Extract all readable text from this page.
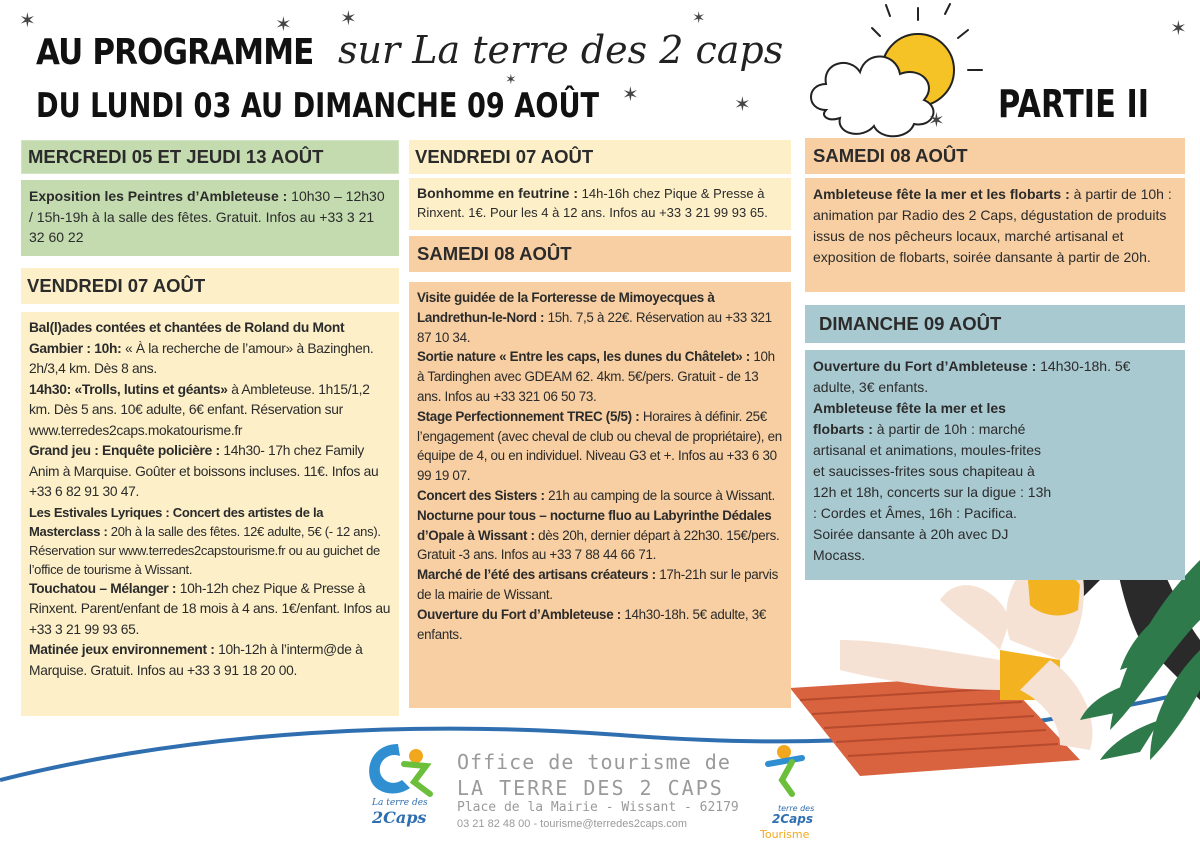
✶	✶ ✶
✶
✶
✶
✶
✶
✶
AU PROGRAMME sur La terre des 2 caps
DU LUNDI 03 AU DIMANCHE 09 AOÛT	PARTIE II
MERCREDI 05 ET JEUDI 13 AOÛT

Exposition les Peintres d’Ambleteuse : 10h30 – 12h30 / 15h-19h à la salle des fêtes. Gratuit. Infos au +33 3 21 32 60 22

VENDREDI 07 AOÛT

Bal(l)ades contées et chantées de Roland du Mont Gambier : 10h: « À la recherche de l’amour» à Bazinghen. 2h/3,4 km. Dès 8 ans.

14h30: «Trolls, lutins et géants» à Ambleteuse. 1h15/1,2 km. Dès 5 ans. 10€ adulte, 6€ enfant. Réservation sur www.terredes2caps.mokatourisme.fr

Grand jeu : Enquête policière : 14h30- 17h chez Family Anim à Marquise. Goûter et boissons incluses. 11€. Infos au +33 6 82 91 30 47.

Les Estivales Lyriques : Concert des artistes de la Masterclass : 20h à la salle des fêtes. 12€ adulte, 5€ (- 12 ans). Réservation sur www.terredes2capstourisme.fr ou au guichet de l’office de tourisme à Wissant.

Touchatou – Mélanger : 10h-12h chez Pique & Presse à Rinxent. Parent/enfant de 18 mois à 4 ans. 1€/enfant. Infos au +33 3 21 99 93 65.

Matinée jeux environnement : 10h-12h à l’interm@de à Marquise. Gratuit. Infos au +33 3 91 18 20 00.

VENDREDI 07 AOÛT

Bonhomme en feutrine : 14h-16h chez Pique & Presse à Rinxent. 1€. Pour les 4 à 12 ans. Infos au +33 3 21 99 93 65.

SAMEDI 08 AOÛT

Visite guidée de la Forteresse de Mimoyecques à Landrethun-le-Nord : 15h. 7,5 à 22€. Réservation au +33 321 87 10 34.

Sortie nature « Entre les caps, les dunes du Châtelet» : 10h à Tardinghen avec GDEAM 62. 4km. 5€/pers. Gratuit - de 13 ans. Infos au +33 321 06 50 73.

Stage Perfectionnement TREC (5/5) : Horaires à définir. 25€ l’engagement (avec cheval de club ou cheval de propriétaire), en équipe de 4, ou en individuel. Niveau G3 et +. Infos au +33 6 30 99 19 07.

Concert des Sisters : 21h au camping de la source à Wissant.

Nocturne pour tous – nocturne fluo au Labyrinthe Dédales d’Opale à Wissant : dès 20h, dernier départ à 22h30. 15€/pers. Gratuit -3 ans. Infos au +33 7 88 44 66 71.

Marché de l’été des artisans créateurs : 17h-21h sur le parvis de la mairie de Wissant.

Ouverture du Fort d’Ambleteuse : 14h30-18h. 5€ adulte, 3€ enfants.

SAMEDI 08 AOÛT

Ambleteuse fête la mer et les flobarts : à partir de 10h : animation par Radio des 2 Caps, dégustation de produits issus de nos pêcheurs locaux, marché artisanal et exposition de flobarts, soirée dansante à partir de 20h.

DIMANCHE 09 AOÛT

Ouverture du Fort d’Ambleteuse : 14h30-18h. 5€ adulte, 3€ enfants.

Ambleteuse fête la mer et les flobarts : à partir de 10h : marché artisanal et animations, moules-frites et saucisses-frites sous chapiteau à 12h et 18h, concerts sur la digue : 13h : Cordes et Âmes, 16h : Pacifica. Soirée dansante à 20h avec DJ Mocass.

La terre des
2Caps
Office de tourisme de
LA TERRE DES 2 CAPS
Place de la Mairie - Wissant - 62179
03 21 82 48 00 - tourisme@terredes2caps.com
terre des
2Caps
Tourisme
